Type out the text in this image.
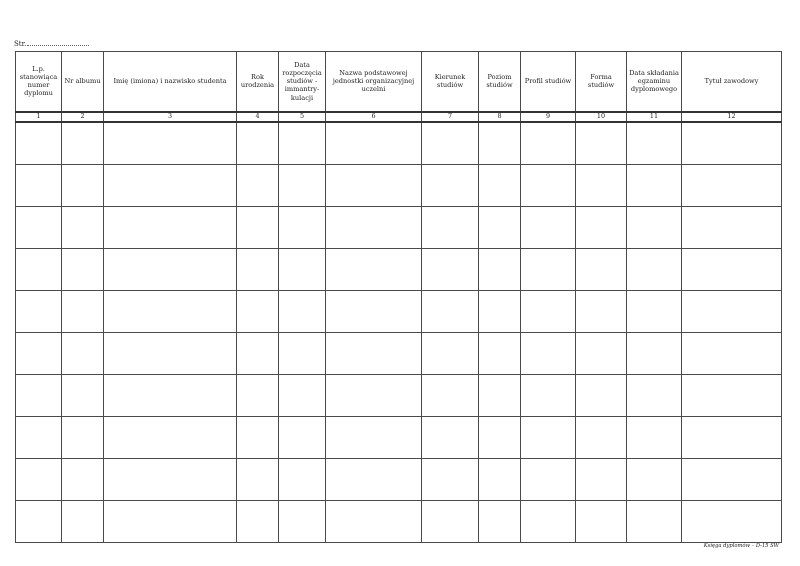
Str.
L.p. stanowiąca numer dyplomu	Nr albumu	Imię (imiona) i nazwisko studenta	Rok urodzenia	Data rozpoczęcia studiów - immantry-kulacji	Nazwa podstawowej jednostki organizacyjnej uczelni	Kierunek studiów	Poziom studiów	Profil studiów	Forma studiów	Data składania egzaminu dyplomowego	Tytuł zawodowy
1	2	3	4	5	6	7	8	9	10	11	12

Księga dyplomów – D-15 SW
